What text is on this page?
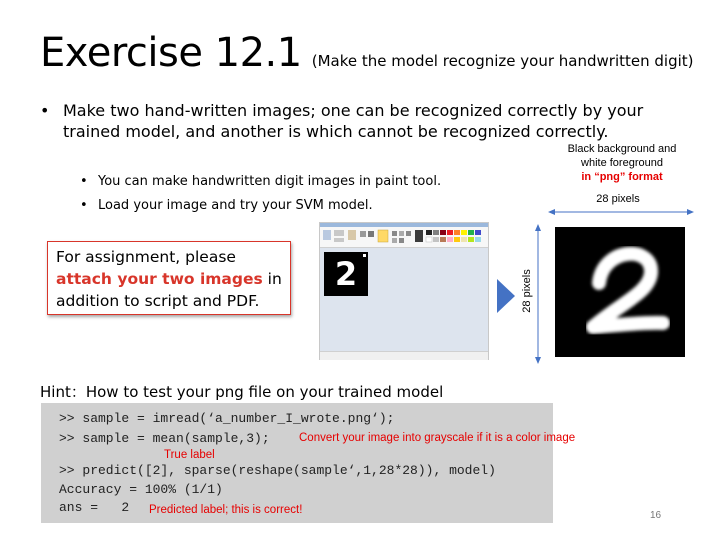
Exercise 12.1 (Make the model recognize your handwritten digit)
• Make two hand-written images; one can be recognized correctly by your trained model, and another is which cannot be recognized correctly.
• You can make handwritten digit images in paint tool.
• Load your image and try your SVM model.
Black background and
white foreground
in “png” format
28 pixels
28 pixels
For assignment, please attach your two images in addition to script and PDF.
2
Hint：How to test your png file on your trained model
>> sample = imread(‘a_number_I_wrote.png‘);
>> sample = mean(sample,3);	Convert your image into grayscale if it is a color image
True label
>> predict([2], sparse(reshape(sample‘,1,28*28)), model)
Accuracy = 100% (1/1)
ans =   2 Predicted label; this is correct!	16
